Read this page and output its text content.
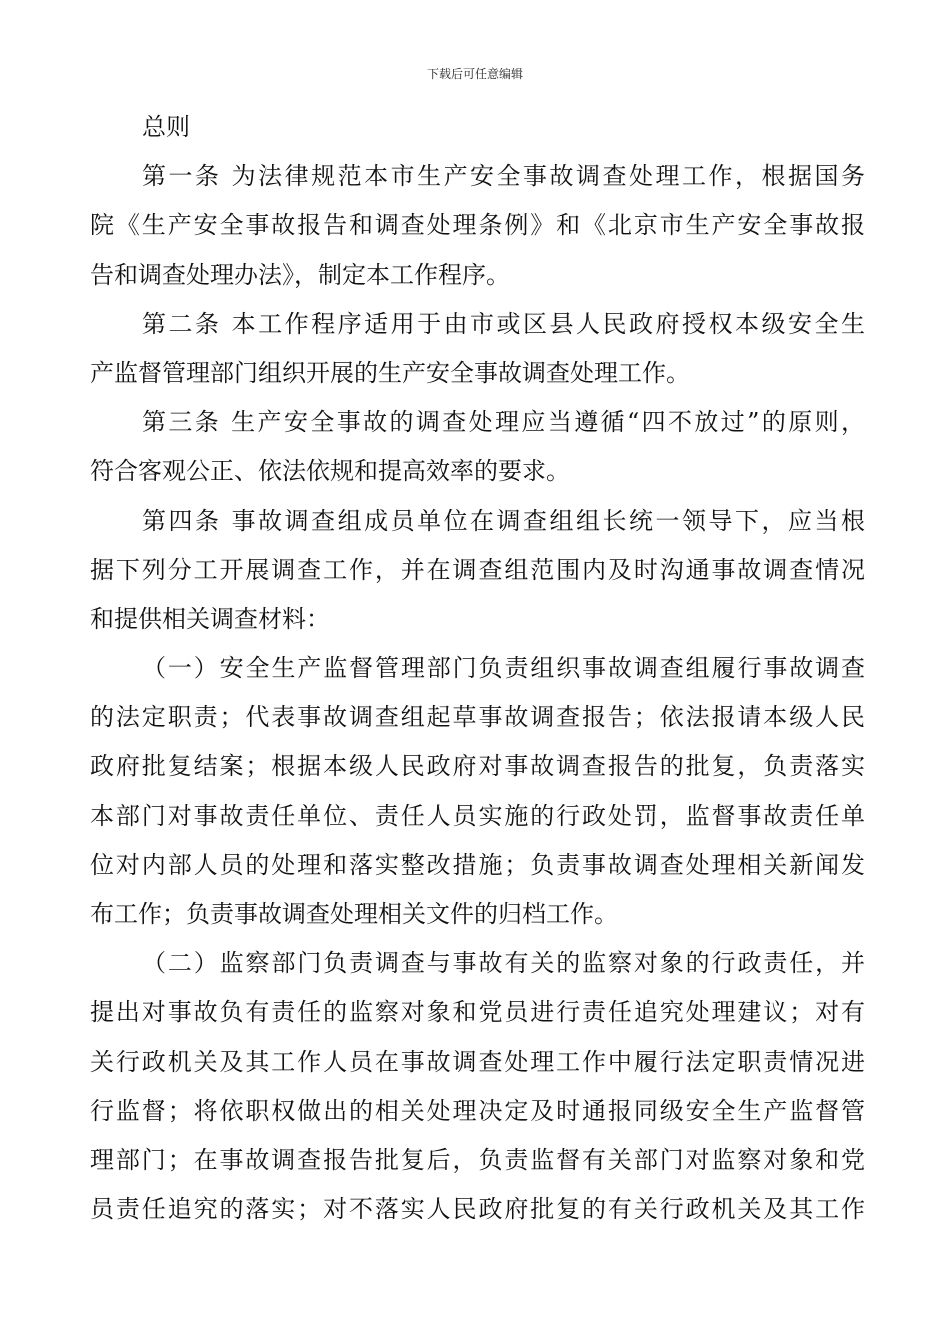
下载后可任意编辑
总则
第一条 为法律规范本市生产安全事故调查处理工作，根据国务
院《生产安全事故报告和调查处理条例》和《北京市生产安全事故报
告和调查处理办法》，制定本工作程序。
第二条 本工作程序适用于由市或区县人民政府授权本级安全生
产监督管理部门组织开展的生产安全事故调查处理工作。
第三条 生产安全事故的调查处理应当遵循“四不放过”的原则，
符合客观公正、依法依规和提高效率的要求。
第四条 事故调查组成员单位在调查组组长统一领导下，应当根
据下列分工开展调查工作，并在调查组范围内及时沟通事故调查情况
和提供相关调查材料：
（一）安全生产监督管理部门负责组织事故调查组履行事故调查
的法定职责；代表事故调查组起草事故调查报告；依法报请本级人民
政府批复结案；根据本级人民政府对事故调查报告的批复，负责落实
本部门对事故责任单位、责任人员实施的行政处罚，监督事故责任单
位对内部人员的处理和落实整改措施；负责事故调查处理相关新闻发
布工作；负责事故调查处理相关文件的归档工作。
（二）监察部门负责调查与事故有关的监察对象的行政责任，并
提出对事故负有责任的监察对象和党员进行责任追究处理建议；对有
关行政机关及其工作人员在事故调查处理工作中履行法定职责情况进
行监督；将依职权做出的相关处理决定及时通报同级安全生产监督管
理部门；在事故调查报告批复后，负责监督有关部门对监察对象和党
员责任追究的落实；对不落实人民政府批复的有关行政机关及其工作
